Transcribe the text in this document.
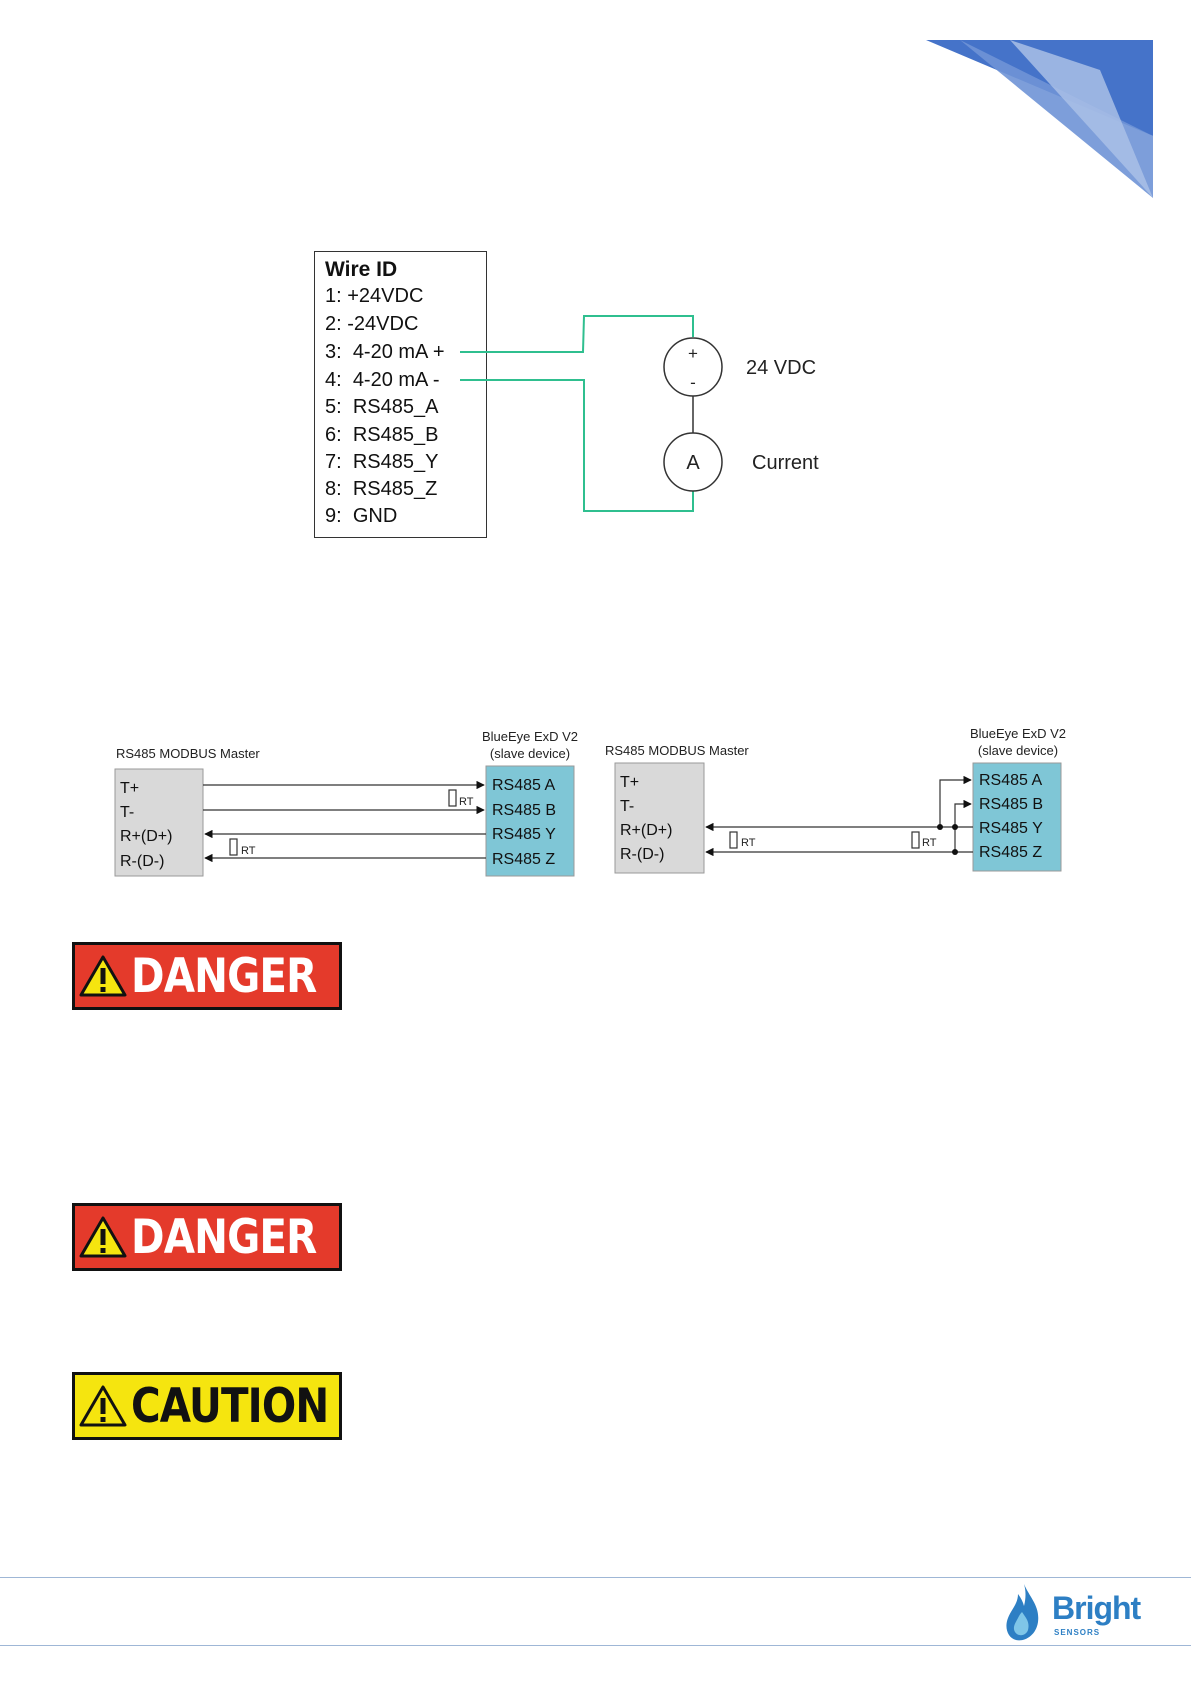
Wire ID
1: +24VDC
2: -24VDC
3: 4-20 mA +
4: 4-20 mA -
5: RS485_A
6: RS485_B
7: RS485_Y
8: RS485_Z
9: GND
+
-
24 VDC
A	Current
RS485 MODBUS Master
BlueEye ExD V2
(slave device)
T+
T-
R+(D+)
R-(D-)
RS485 A
RS485 B
RS485 Y
RS485 Z
RT
RT
RS485 MODBUS Master
BlueEye ExD V2
(slave device)
T+
T-
R+(D+)
R-(D-)
RS485 A
RS485 B
RS485 Y
RS485 Z
RT	RT
DANGER
DANGER
CAUTION
Bright
SENSORS
